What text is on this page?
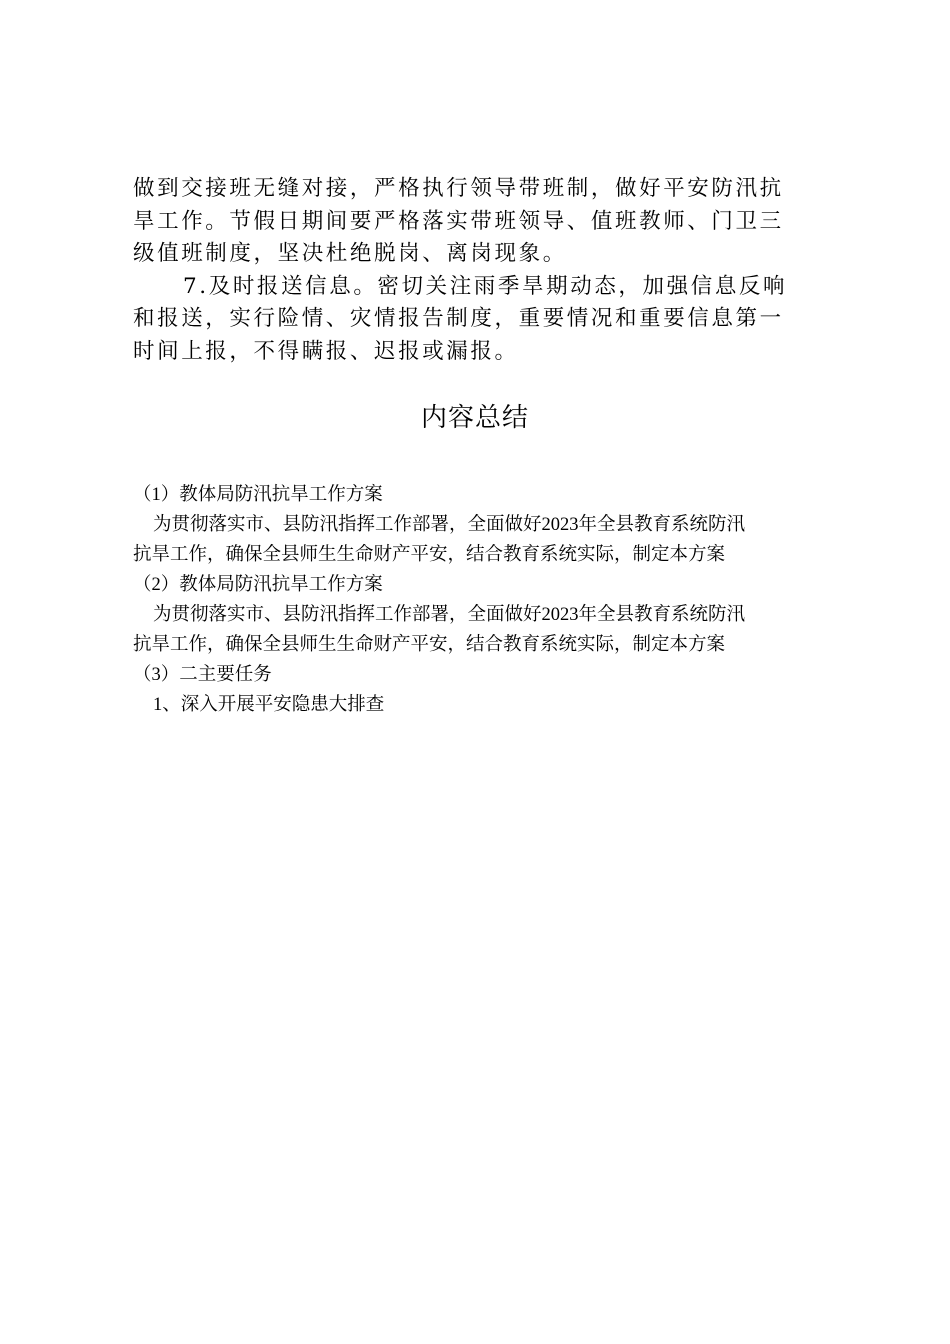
做到交接班无缝对接，严格执行领导带班制，做好平安防汛抗
旱工作。节假日期间要严格落实带班领导、值班教师、门卫三
级值班制度，坚决杜绝脱岗、离岗现象。
7.及时报送信息。密切关注雨季旱期动态，加强信息反响
和报送，实行险情、灾情报告制度，重要情况和重要信息第一
时间上报，不得瞒报、迟报或漏报。
内容总结
（1）教体局防汛抗旱工作方案
为贯彻落实市、县防汛指挥工作部署，全面做好2023年全县教育系统防汛
抗旱工作，确保全县师生生命财产平安，结合教育系统实际，制定本方案
（2）教体局防汛抗旱工作方案
为贯彻落实市、县防汛指挥工作部署，全面做好2023年全县教育系统防汛
抗旱工作，确保全县师生生命财产平安，结合教育系统实际，制定本方案
（3）二主要任务
1、深入开展平安隐患大排查
